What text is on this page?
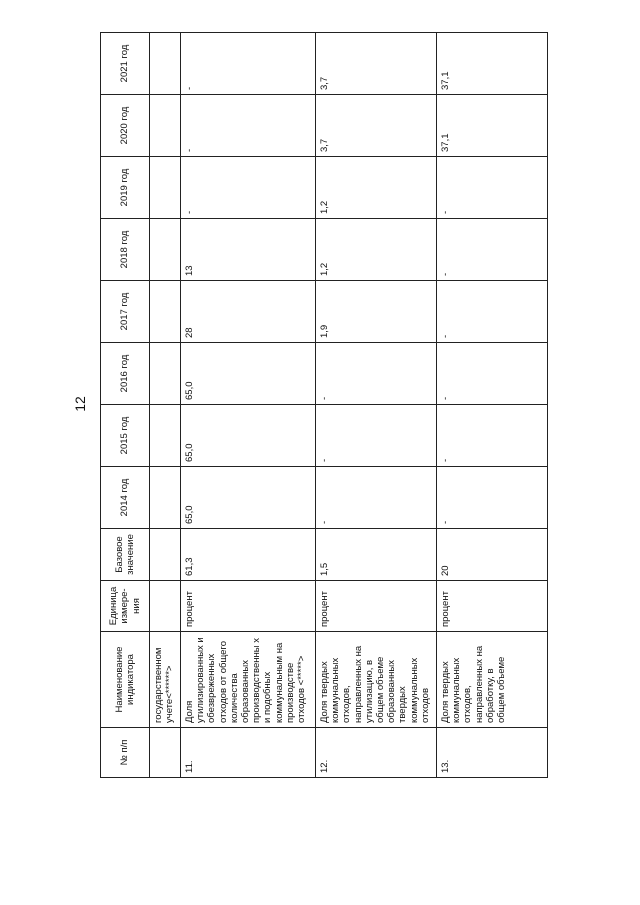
12
№ п/п	Наименование индикатора	Единица измере-ния	Базовое значение	2014 год	2015 год	2016 год	2017 год	2018 год	2019 год	2020 год	2021 год
	государственном учете<******>										
11.	Доля утилизированных и обезвреженных отходов от общего количества образованных производственны х и подобных коммунальным на производстве отходов <*****>	процент	61,3	65,0	65,0	65,0	28	13	-	-	-
12.	Доля твердых коммунальных отходов, направленных на утилизацию, в общем объеме образованных твердых коммунальных отходов	процент	1,5	-	-	-	1,9	1,2	1,2	3,7	3,7
13.	Доля твердых коммунальных отходов, направленных на обработку, в общем объеме	процент	20	-	-	-	-	-	-	37,1	37,1
